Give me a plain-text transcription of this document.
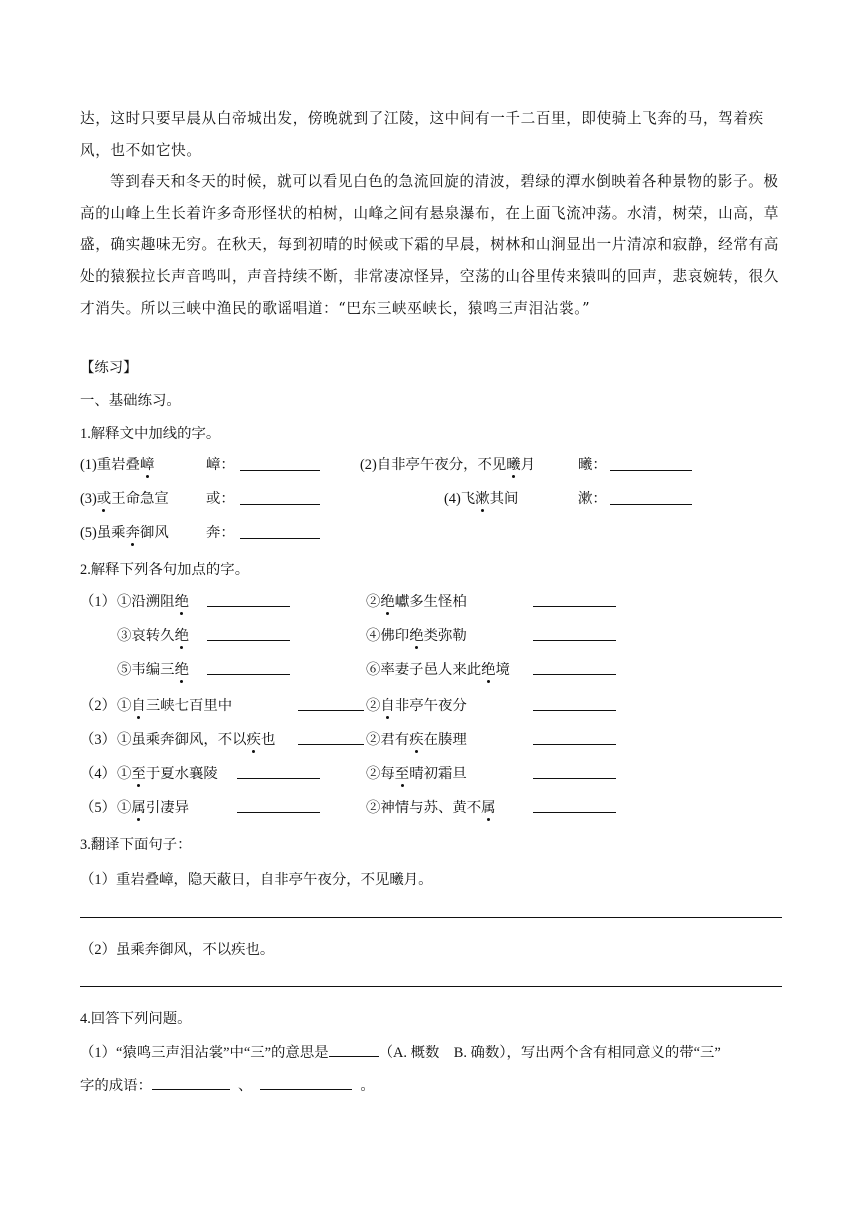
达，这时只要早晨从白帝城出发，傍晚就到了江陵，这中间有一千二百里，即使骑上飞奔的马，驾着疾风，也不如它快。
等到春天和冬天的时候，就可以看见白色的急流回旋的清波，碧绿的潭水倒映着各种景物的影子。极高的山峰上生长着许多奇形怪状的柏树，山峰之间有悬泉瀑布，在上面飞流冲荡。水清，树荣，山高，草盛，确实趣味无穷。在秋天，每到初晴的时候或下霜的早晨，树林和山涧显出一片清凉和寂静，经常有高处的猿猴拉长声音鸣叫，声音持续不断，非常凄凉怪异，空荡的山谷里传来猿叫的回声，悲哀婉转，很久才消失。所以三峡中渔民的歌谣唱道：“巴东三峡巫峡长，猿鸣三声泪沾裳。”
【练习】
一、基础练习。
1.解释文中加线的字。
(1)重岩叠嶂	嶂：	(2)自非亭午夜分，不见曦月	曦：
(3)或王命急宣	或：	(4)飞漱其间	漱：
(5)虽乘奔御风	奔：
2.解释下列各句加点的字。
（1） ①沿溯阻绝	②绝巘多生怪柏
③哀转久绝	④佛印绝类弥勒
⑤韦编三绝	⑥率妻子邑人来此绝境
（2） ①自三峡七百里中	②自非亭午夜分
（3） ①虽乘奔御风，不以疾也	②君有疾在腠理
（4） ①至于夏水襄陵	②每至晴初霜旦
（5） ①属引凄异	②神情与苏、黄不属
3.翻译下面句子：
（1）重岩叠嶂，隐天蔽日，自非亭午夜分，不见曦月。
（2）虽乘奔御风，不以疾也。
4.回答下列问题。
（1）“猿鸣三声泪沾裳”中“三”的意思是	（A. 概数　B. 确数），写出两个含有相同意义的带“三”
字的成语：	、	。
